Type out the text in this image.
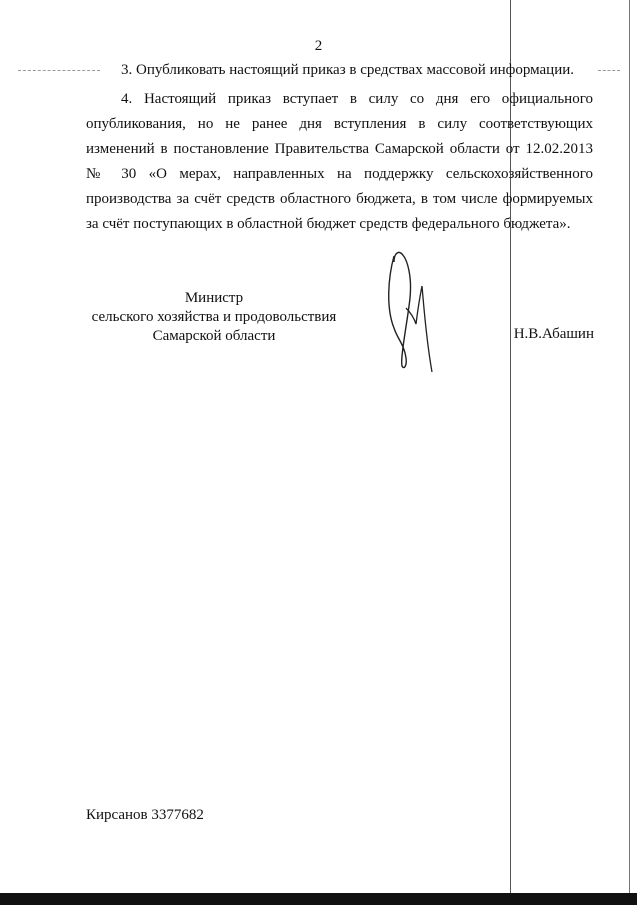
2
3. Опубликовать настоящий приказ в средствах массовой информации.
4. Настоящий приказ вступает в силу со дня его официального опубликования, но не ранее дня вступления в силу соответствующих изменений в постановление Правительства Самарской области от 12.02.2013 № 30 «О мерах, направленных на поддержку сельскохозяйственного производства за счёт средств областного бюджета, в том числе формируемых за счёт поступающих в областной бюджет средств федерального бюджета».
Министр
сельского хозяйства и продовольствия
Самарской области	Н.В.Абашин
Кирсанов 3377682
